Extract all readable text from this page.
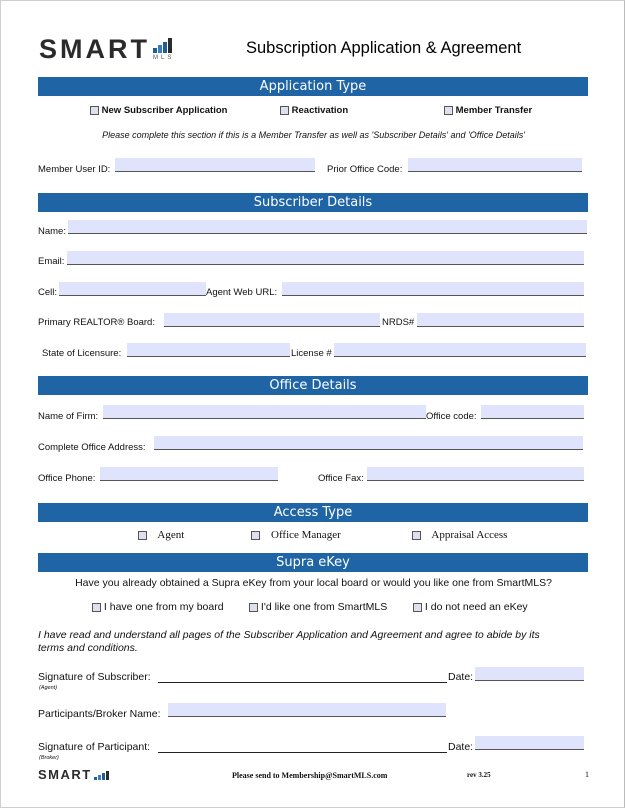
SMART MLS
Subscription Application & Agreement
Application Type
New Subscriber Application	Reactivation	Member Transfer
Please complete this section if this is a Member Transfer as well as 'Subscriber Details' and 'Office Details'
Member User ID:	Prior Office Code:
Subscriber Details
Name:
Email:
Cell:	Agent Web URL:
Primary REALTOR® Board:	NRDS#
State of Licensure:	License #
Office Details
Name of Firm:	Office code:
Complete Office Address:
Office Phone:	Office Fax:
Access Type
Agent	Office Manager	Appraisal Access
Supra eKey
Have you already obtained a Supra eKey from your local board or would you like one from SmartMLS?
I have one from my board	I'd like one from SmartMLS	I do not need an eKey
I have read and understand all pages of the Subscriber Application and Agreement and agree to abide by its terms and conditions.
Signature of Subscriber:
(Agent)
Date:
Participants/Broker Name:
Signature of Participant:
(Broker)
Date:
SMART	Please send to Membership@SmartMLS.com	rev 3.25	1
